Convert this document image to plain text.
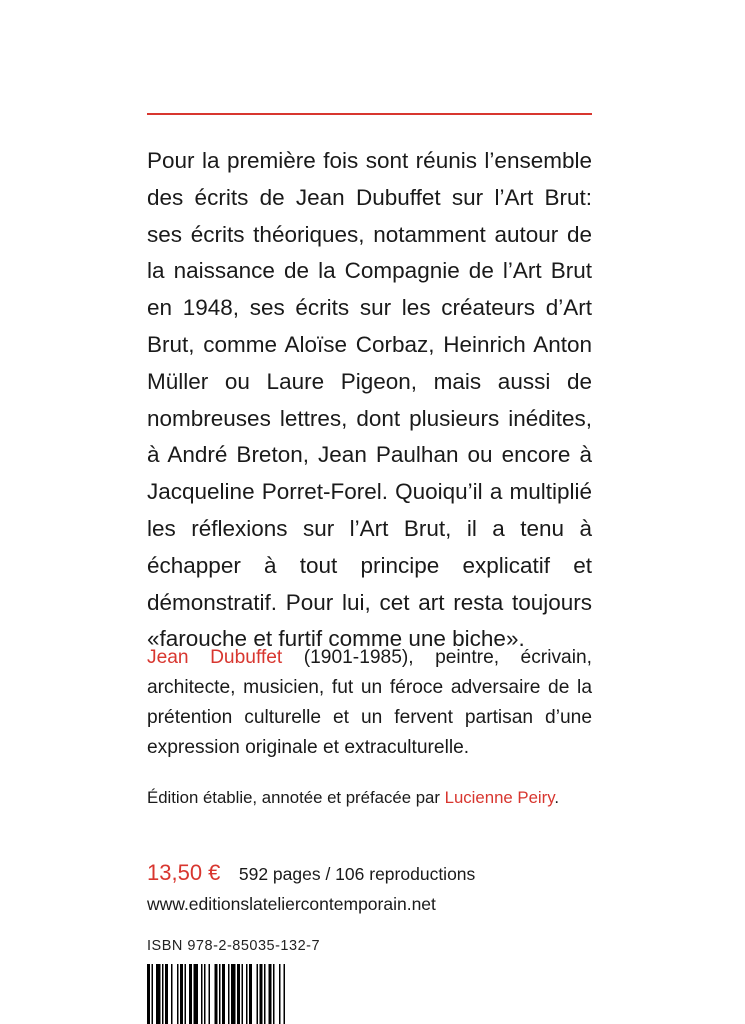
Pour la première fois sont réunis l’ensemble des écrits de Jean Dubuffet sur l’Art Brut: ses écrits théoriques, notamment autour de la naissance de la Compagnie de l’Art Brut en 1948, ses écrits sur les créateurs d’Art Brut, comme Aloïse Corbaz, Heinrich Anton Müller ou Laure Pigeon, mais aussi de nombreuses lettres, dont plusieurs inédites, à André Breton, Jean Paulhan ou encore à Jacqueline Porret-Forel. Quoiqu’il a multiplié les réflexions sur l’Art Brut, il a tenu à échapper à tout principe explicatif et démonstratif. Pour lui, cet art resta toujours «farouche et furtif comme une biche».

Jean Dubuffet (1901-1985), peintre, écrivain, architecte, musicien, fut un féroce adversaire de la prétention culturelle et un fervent partisan d’une expression originale et extraculturelle.

Édition établie, annotée et préfacée par Lucienne Peiry.

13,50 € 592 pages / 106 reproductions
www.editionslateliercontemporain.net
ISBN 978-2-85035-132-7
